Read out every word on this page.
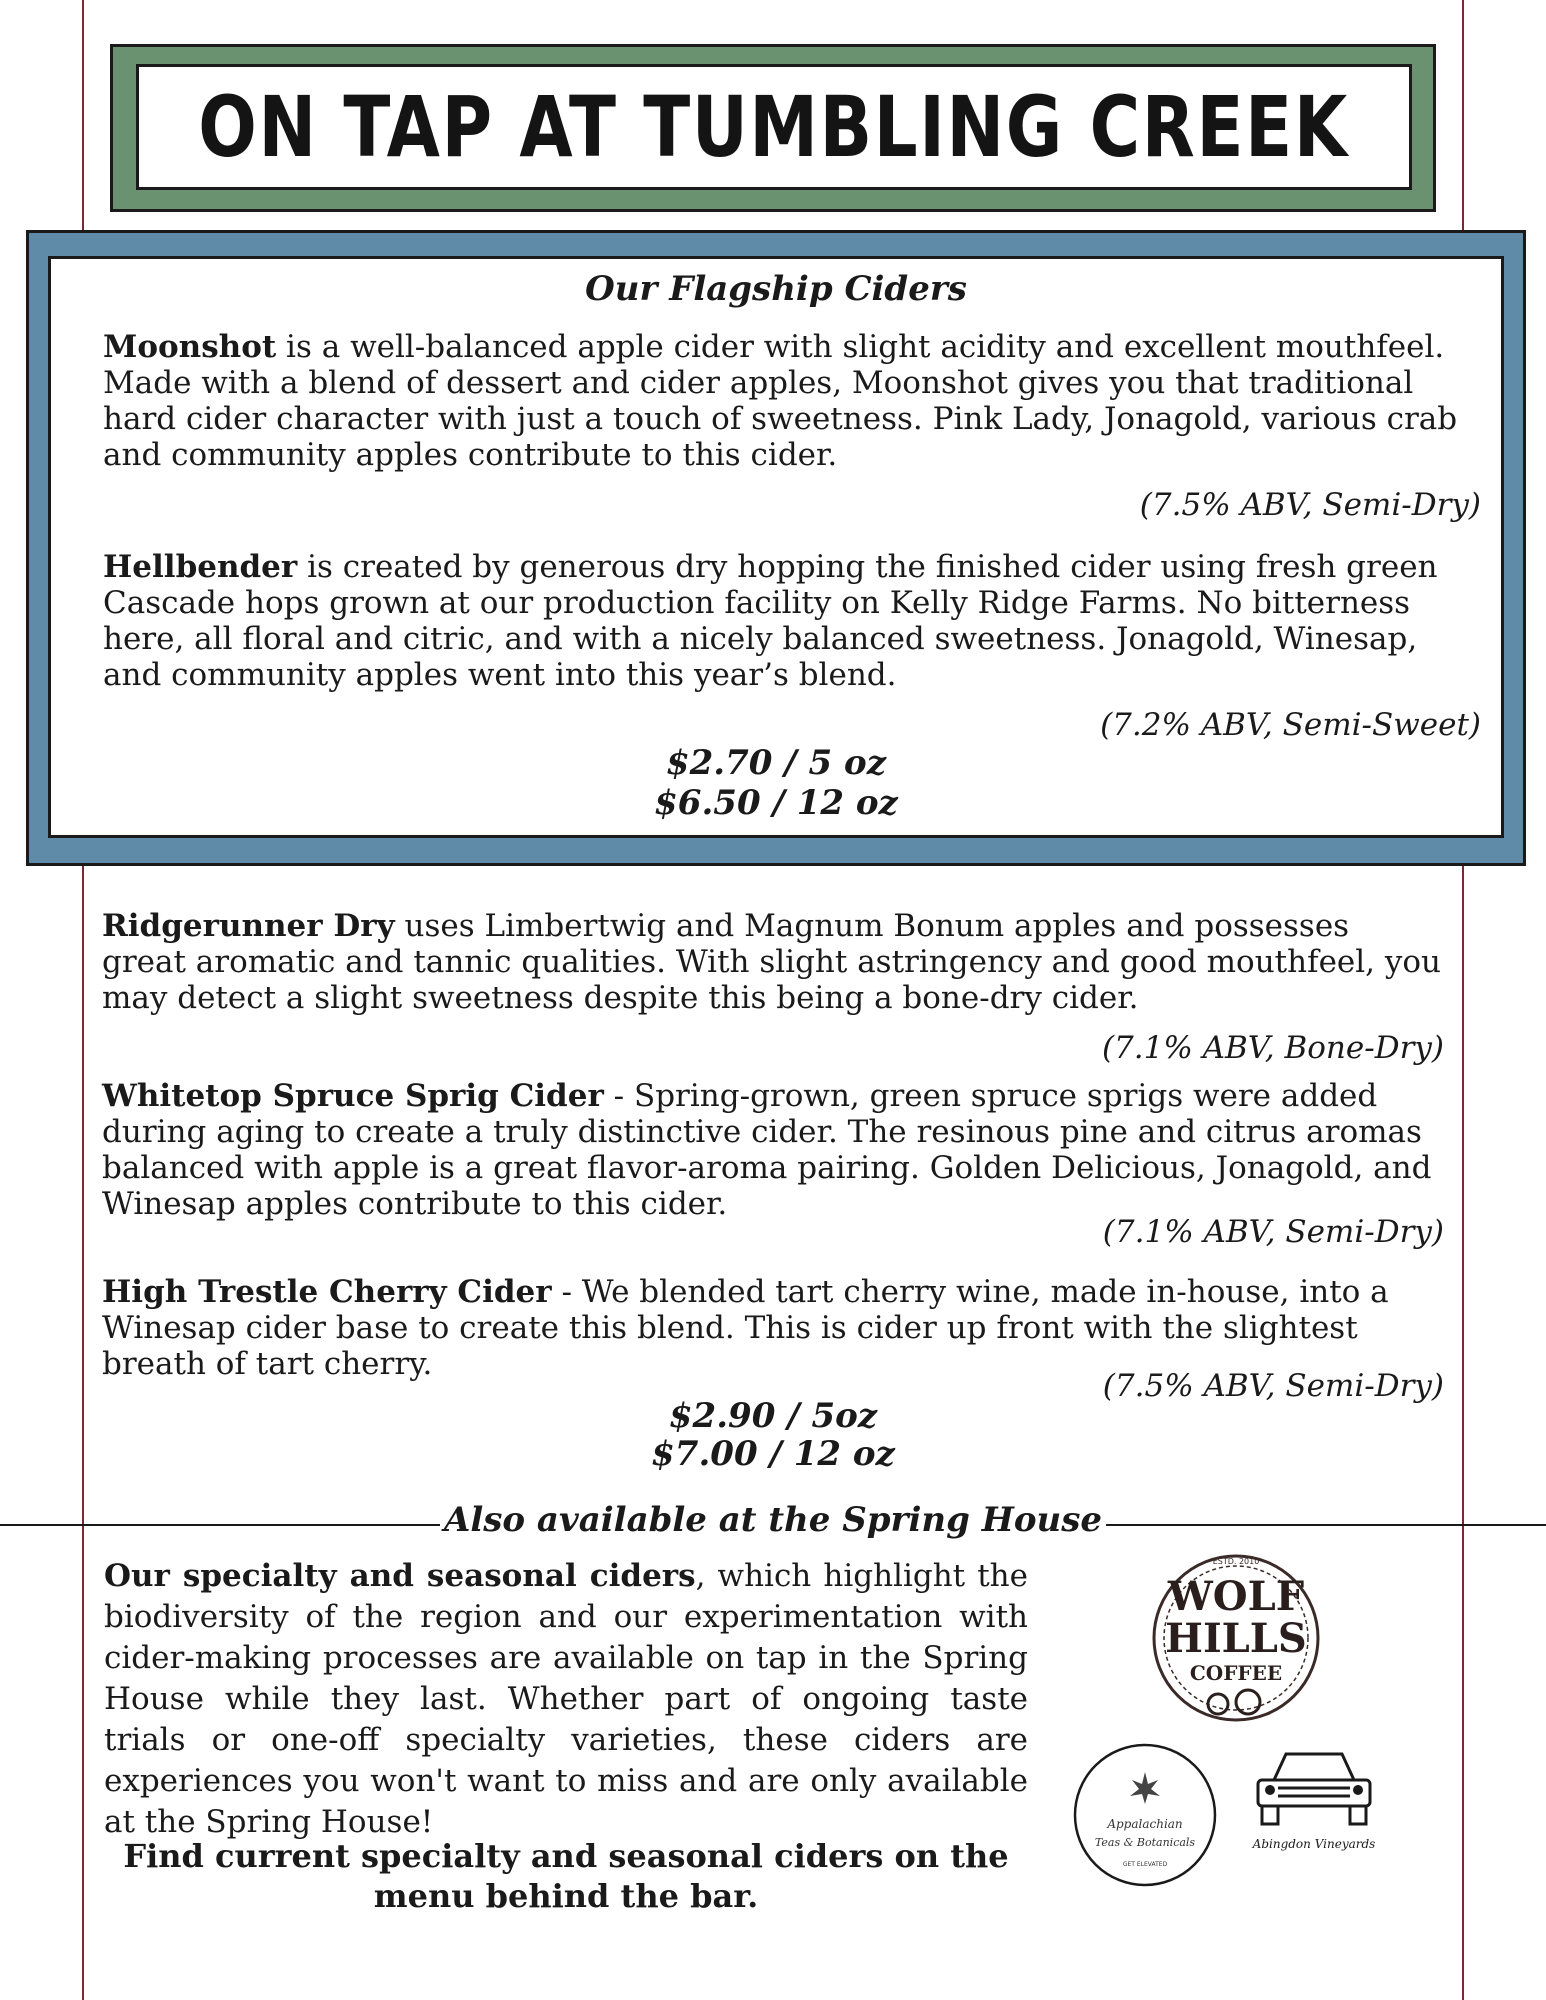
ON TAP AT TUMBLING CREEK
Our Flagship Ciders

Moonshot is a well-balanced apple cider with slight acidity and excellent mouthfeel. Made with a blend of dessert and cider apples, Moonshot gives you that traditional hard cider character with just a touch of sweetness. Pink Lady, Jonagold, various crab and community apples contribute to this cider.

(7.5% ABV, Semi-Dry)

Hellbender is created by generous dry hopping the finished cider using fresh green Cascade hops grown at our production facility on Kelly Ridge Farms. No bitterness here, all floral and citric, and with a nicely balanced sweetness. Jonagold, Winesap, and community apples went into this year’s blend.

(7.2% ABV, Semi-Sweet)
$2.70 / 5 oz
$6.50 / 12 oz

Ridgerunner Dry uses Limbertwig and Magnum Bonum apples and possesses great aromatic and tannic qualities. With slight astringency and good mouthfeel, you may detect a slight sweetness despite this being a bone-dry cider.

(7.1% ABV, Bone-Dry)

Whitetop Spruce Sprig Cider - Spring-grown, green spruce sprigs were added during aging to create a truly distinctive cider. The resinous pine and citrus aromas balanced with apple is a great flavor-aroma pairing. Golden Delicious, Jonagold, and Winesap apples contribute to this cider.

(7.1% ABV, Semi-Dry)

High Trestle Cherry Cider - We blended tart cherry wine, made in-house, into a Winesap cider base to create this blend. This is cider up front with the slightest breath of tart cherry.

(7.5% ABV, Semi-Dry)
$2.90 / 5oz
$7.00 / 12 oz
Also available at the Spring House

Our specialty and seasonal ciders, which highlight the biodiversity of the region and our experimentation with cider-making processes are available on tap in the Spring House while they last. Whether part of ongoing taste trials or one-off specialty varieties, these ciders are experiences you won't want to miss and are only available at the Spring House!

Find current specialty and seasonal ciders on the menu behind the bar.
ESTD. 2010
WOLF
HILLS
COFFEE
Appalachian
Teas & Botanicals
GET ELEVATED
Abingdon Vineyards
